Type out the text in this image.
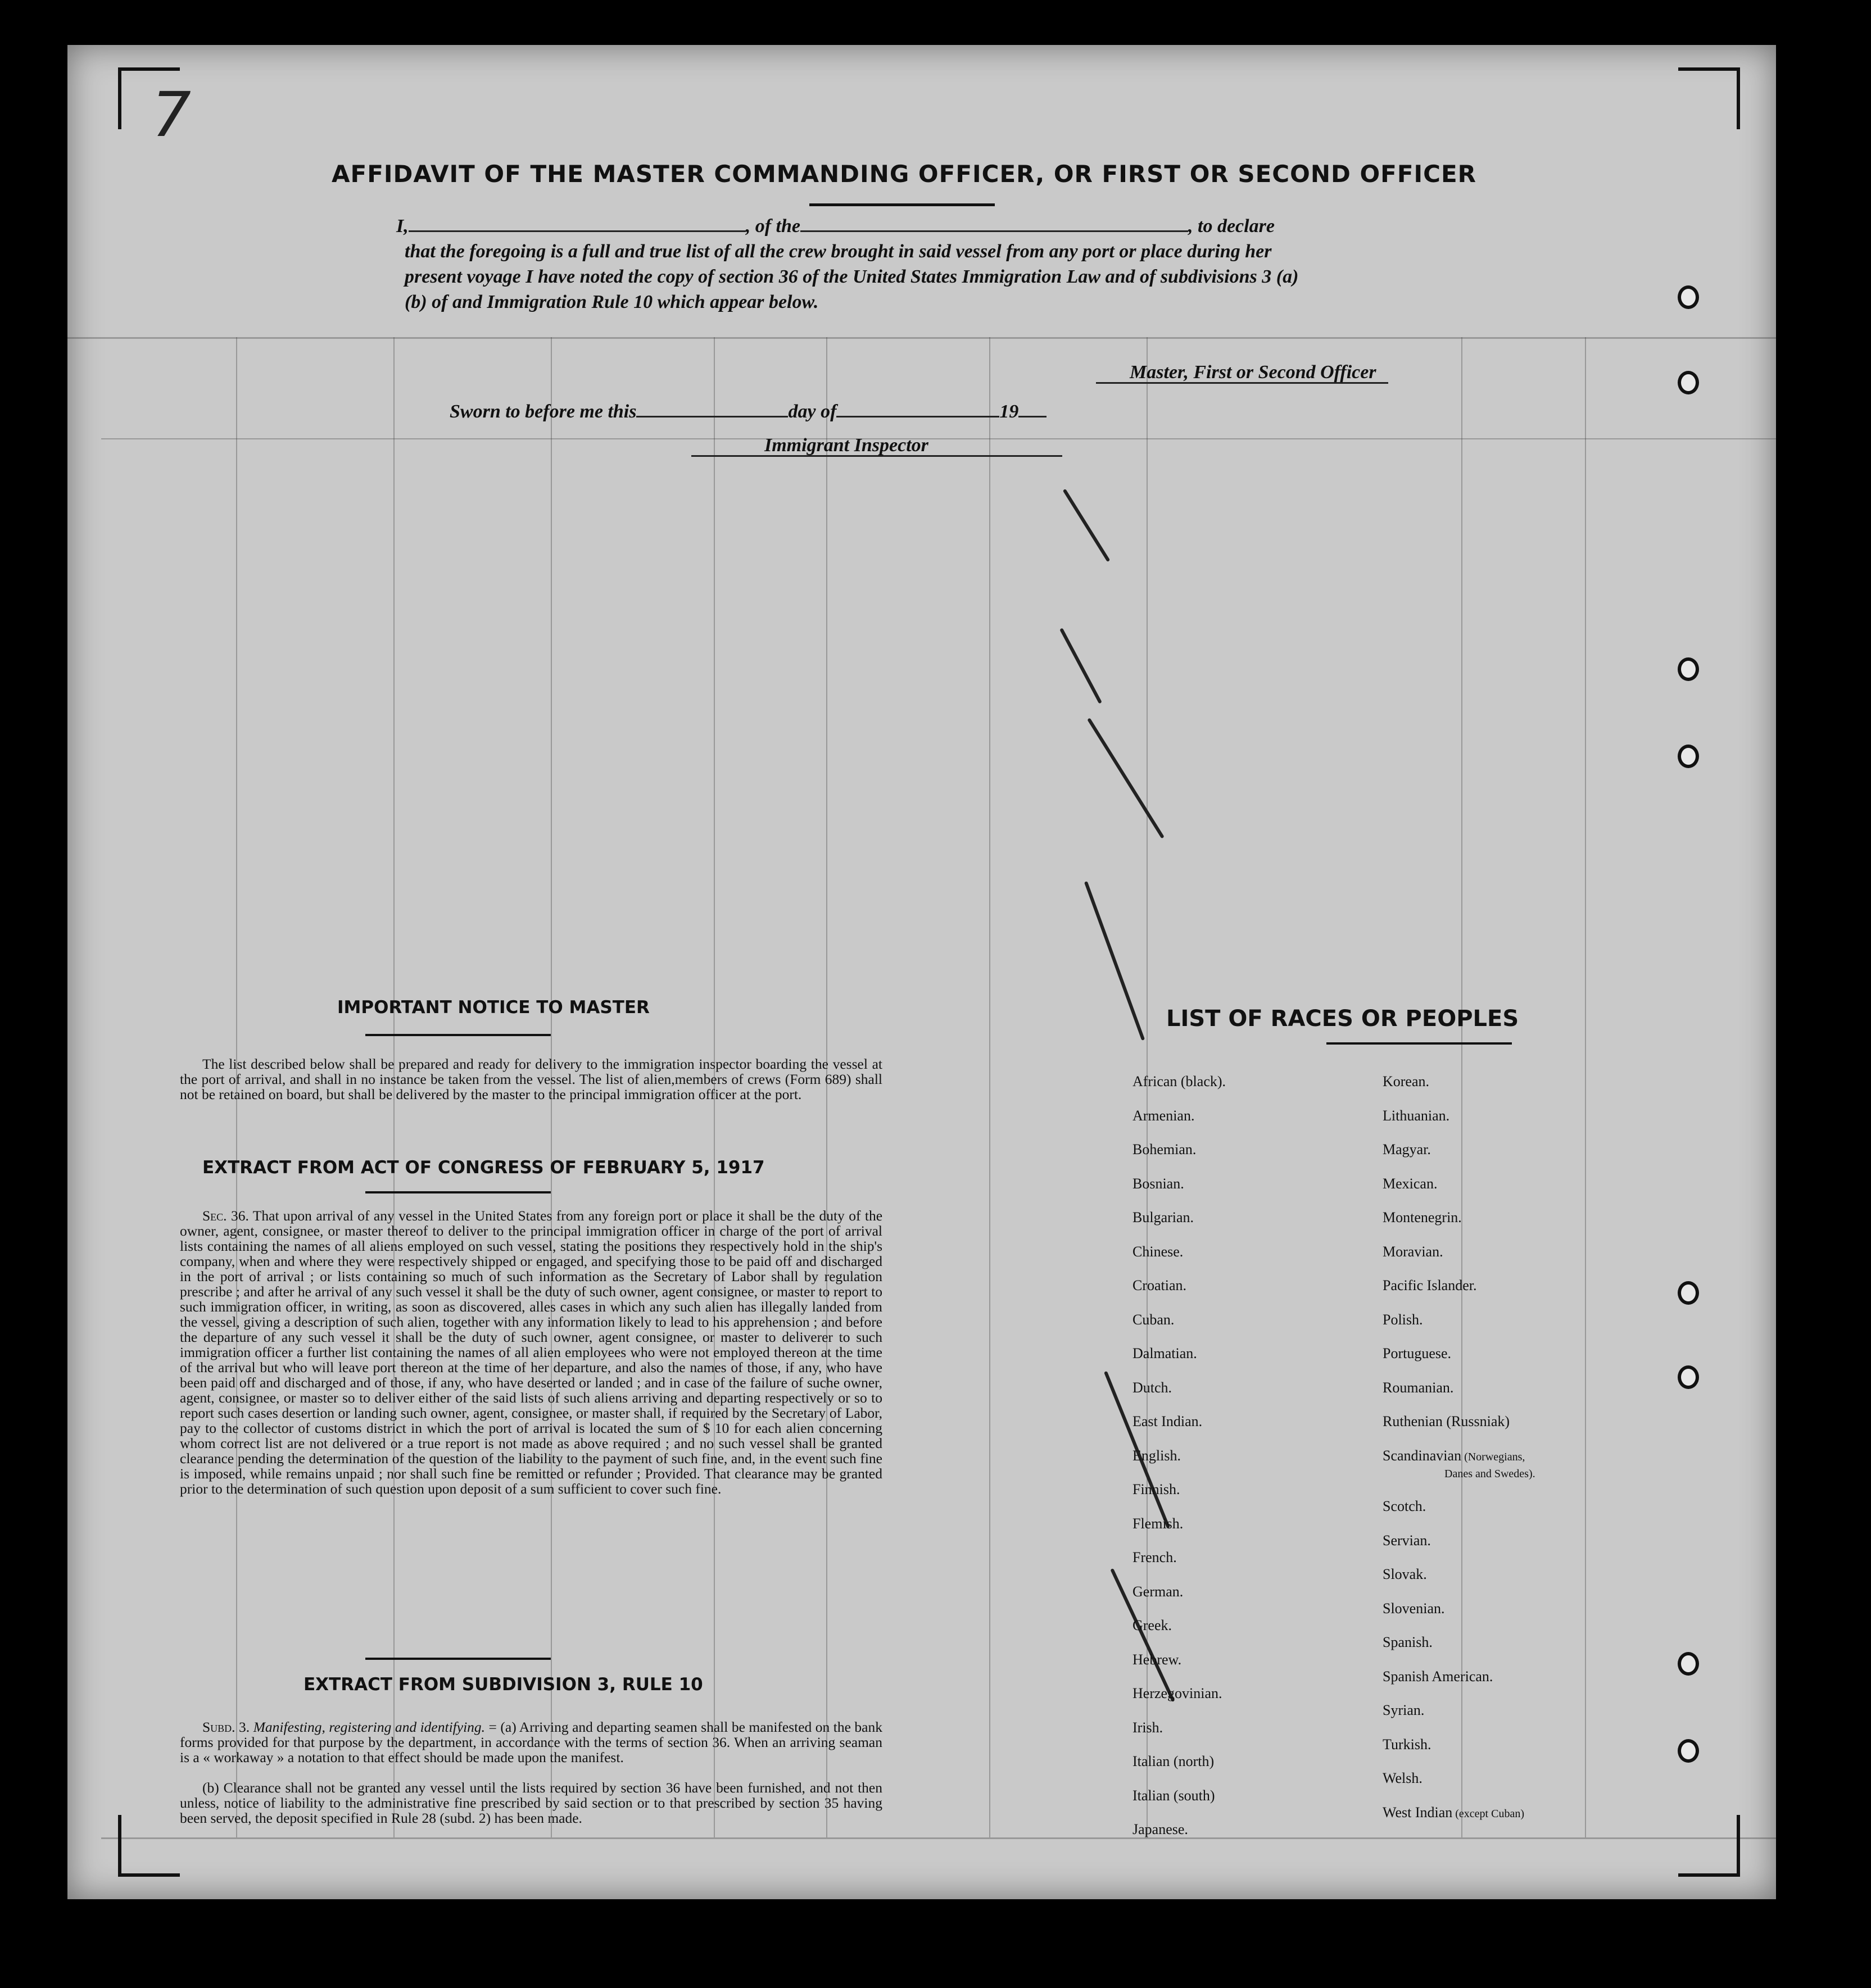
7
AFFIDAVIT OF THE MASTER COMMANDING OFFICER, OR FIRST OR SECOND OFFICER
I,	, of the	, to declare
that the foregoing is a full and true list of all the crew brought in said vessel from any port or place during her
present voyage I have noted the copy of section 36 of the United States Immigration Law and of subdivisions 3 (a)
(b) of and Immigration Rule 10 which appear below.
Master, First or Second Officer
Sworn to before me this	day of	19
Immigrant Inspector
IMPORTANT NOTICE TO MASTER
The list described below shall be prepared and ready for delivery to the immigration inspector boarding the vessel at the port of arrival, and shall in no instance be taken from the vessel. The list of alien,members of crews (Form 689) shall not be retained on board, but shall be delivered by the master to the principal immigration officer at the port.
EXTRACT FROM ACT OF CONGRESS OF FEBRUARY 5, 1917
Sec. 36. That upon arrival of any vessel in the United States from any foreign port or place it shall be the duty of the owner, agent, consignee, or master thereof to deliver to the principal immigration officer in charge of the port of arrival lists containing the names of all aliens employed on such vessel, stating the positions they respectively hold in the ship's company, when and where they were respectively shipped or engaged, and specifying those to be paid off and discharged in the port of arrival ; or lists containing so much of such information as the Secretary of Labor shall by regulation prescribe ; and after he arrival of any such vessel it shall be the duty of such owner, agent consignee, or master to report to such immigration officer, in writing, as soon as discovered, alles cases in which any such alien has illegally landed from the vessel, giving a description of such alien, together with any information likely to lead to his apprehension ; and before the departure of any such vessel it shall be the duty of such owner, agent consignee, or master to deliverer to such immigration officer a further list containing the names of all alien employees who were not employed thereon at the time of the arrival but who will leave port thereon at the time of her departure, and also the names of those, if any, who have been paid off and discharged and of those, if any, who have deserted or landed ; and in case of the failure of suche owner, agent, consignee, or master so to deliver either of the said lists of such aliens arriving and departing respectively or so to report such cases desertion or landing such owner, agent, consignee, or master shall, if required by the Secretary of Labor, pay to the collector of customs district in which the port of arrival is located the sum of $ 10 for each alien concerning whom correct list are not delivered or a true report is not made as above required ; and no such vessel shall be granted clearance pending the determination of the question of the liability to the payment of such fine, and, in the event such fine is imposed, while remains unpaid ; nor shall such fine be remitted or refunder ; Provided. That clearance may be granted prior to the determination of such question upon deposit of a sum sufficient to cover such fine.
EXTRACT FROM SUBDIVISION 3, RULE 10
Subd. 3. Manifesting, registering and identifying. = (a) Arriving and departing seamen shall be manifested on the bank forms provided for that purpose by the department, in accordance with the terms of section 36. When an arriving seaman is a « workaway » a notation to that effect should be made upon the manifest.
(b) Clearance shall not be granted any vessel until the lists required by section 36 have been furnished, and not then unless, notice of liability to the administrative fine prescribed by said section or to that prescribed by section 35 having been served, the deposit specified in Rule 28 (subd. 2) has been made.
LIST OF RACES OR PEOPLES
African (black).
Armenian.
Bohemian.
Bosnian.
Bulgarian.
Chinese.
Croatian.
Cuban.
Dalmatian.
Dutch.
East Indian.
English.
Finnish.
Flemish.
French.
German.
Greek.
Hebrew.
Herzegovinian.
Irish.
Italian (north)
Italian (south)
Japanese.
Korean.
Lithuanian.
Magyar.
Mexican.
Montenegrin.
Moravian.
Pacific Islander.
Polish.
Portuguese.
Roumanian.
Ruthenian (Russniak)
Scandinavian (Norwegians,
Danes and Swedes).
Scotch.
Servian.
Slovak.
Slovenian.
Spanish.
Spanish American.
Syrian.
Turkish.
Welsh.
West Indian (except Cuban)
